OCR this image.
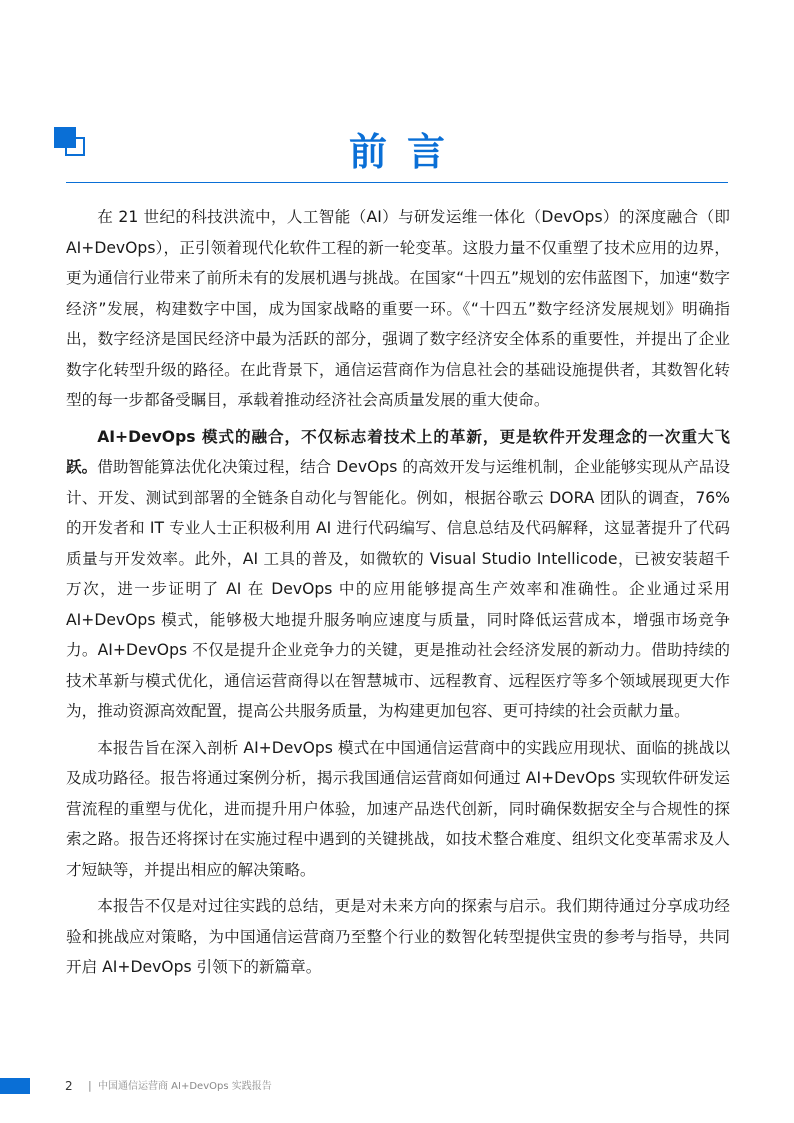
前言

在 21 世纪的科技洪流中，人工智能（AI）与研发运维一体化（DevOps）的深度融合（即 AI+DevOps），正引领着现代化软件工程的新一轮变革。这股力量不仅重塑了技术应用的边界，更为通信行业带来了前所未有的发展机遇与挑战。在国家“十四五”规划的宏伟蓝图下，加速“数字经济”发展，构建数字中国，成为国家战略的重要一环。《“十四五”数字经济发展规划》明确指出，数字经济是国民经济中最为活跃的部分，强调了数字经济安全体系的重要性，并提出了企业数字化转型升级的路径。在此背景下，通信运营商作为信息社会的基础设施提供者，其数智化转型的每一步都备受瞩目，承载着推动经济社会高质量发展的重大使命。

AI+DevOps 模式的融合，不仅标志着技术上的革新，更是软件开发理念的一次重大飞跃。借助智能算法优化决策过程，结合 DevOps 的高效开发与运维机制，企业能够实现从产品设计、开发、测试到部署的全链条自动化与智能化。例如，根据谷歌云 DORA 团队的调查，76%的开发者和 IT 专业人士正积极利用 AI 进行代码编写、信息总结及代码解释，这显著提升了代码质量与开发效率。此外，AI 工具的普及，如微软的 Visual Studio Intellicode，已被安装超千万次，进一步证明了 AI 在 DevOps 中的应用能够提高生产效率和准确性。企业通过采用 AI+DevOps 模式，能够极大地提升服务响应速度与质量，同时降低运营成本，增强市场竞争力。AI+DevOps 不仅是提升企业竞争力的关键，更是推动社会经济发展的新动力。借助持续的技术革新与模式优化，通信运营商得以在智慧城市、远程教育、远程医疗等多个领域展现更大作为，推动资源高效配置，提高公共服务质量，为构建更加包容、更可持续的社会贡献力量。

本报告旨在深入剖析 AI+DevOps 模式在中国通信运营商中的实践应用现状、面临的挑战以及成功路径。报告将通过案例分析，揭示我国通信运营商如何通过 AI+DevOps 实现软件研发运营流程的重塑与优化，进而提升用户体验，加速产品迭代创新，同时确保数据安全与合规性的探索之路。报告还将探讨在实施过程中遇到的关键挑战，如技术整合难度、组织文化变革需求及人才短缺等，并提出相应的解决策略。

本报告不仅是对过往实践的总结，更是对未来方向的探索与启示。我们期待通过分享成功经验和挑战应对策略，为中国通信运营商乃至整个行业的数智化转型提供宝贵的参考与指导，共同开启 AI+DevOps 引领下的新篇章。

2 | 中国通信运营商 AI+DevOps 实践报告
